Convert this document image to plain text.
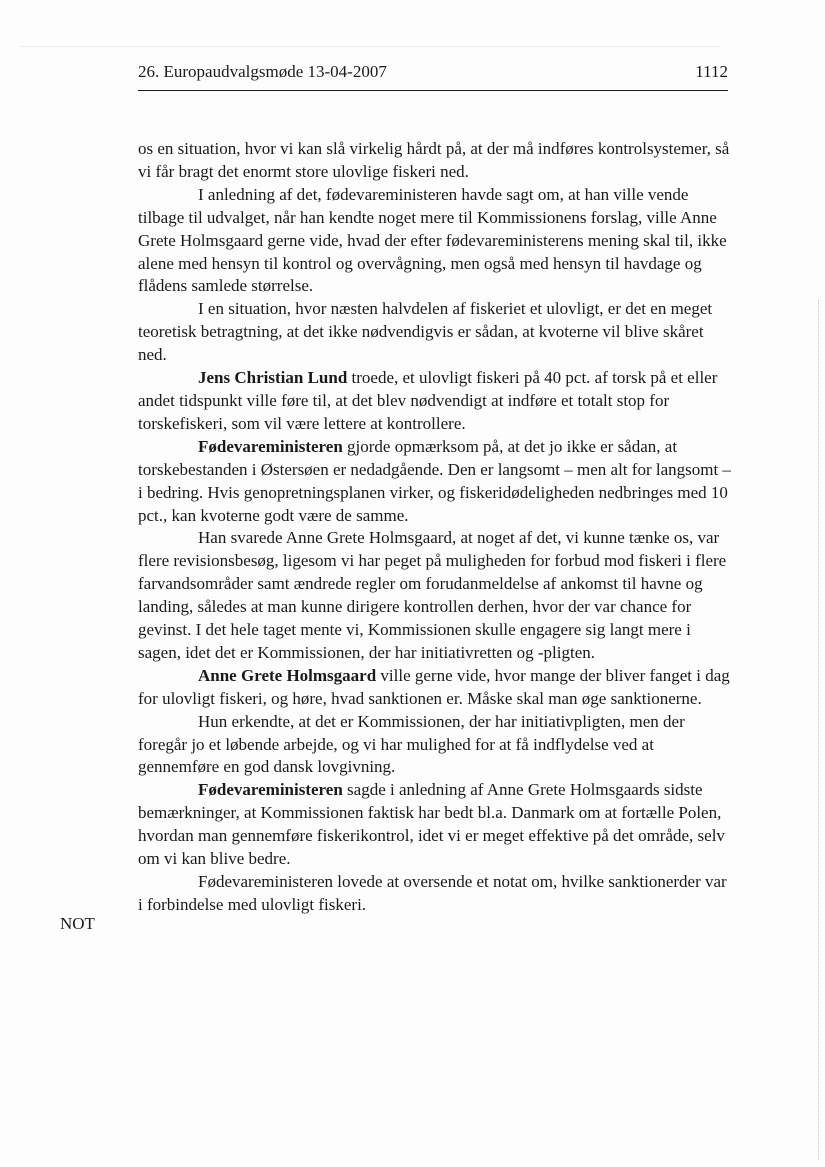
26. Europaudvalgsmøde 13-04-2007	1112

os en situation, hvor vi kan slå virkelig hårdt på, at der må indføres kontrolsystemer, så vi får bragt det enormt store ulovlige fiskeri ned.

I anledning af det, fødevareministeren havde sagt om, at han ville vende tilbage til udvalget, når han kendte noget mere til Kommissionens forslag, ville Anne Grete Holmsgaard gerne vide, hvad der efter fødevareministerens mening skal til, ikke alene med hensyn til kontrol og overvågning, men også med hensyn til havdage og flådens samlede størrelse.

I en situation, hvor næsten halvdelen af fiskeriet et ulovligt, er det en meget teoretisk betragtning, at det ikke nødvendigvis er sådan, at kvoterne vil blive skåret ned.

Jens Christian Lund troede, et ulovligt fiskeri på 40 pct. af torsk på et eller andet tidspunkt ville føre til, at det blev nødvendigt at indføre et totalt stop for torskefiskeri, som vil være lettere at kontrollere.

Fødevareministeren gjorde opmærksom på, at det jo ikke er sådan, at torskebestanden i Østersøen er nedadgående. Den er langsomt – men alt for langsomt – i bedring. Hvis genopretningsplanen virker, og fiskeridødeligheden nedbringes med 10 pct., kan kvoterne godt være de samme.

Han svarede Anne Grete Holmsgaard, at noget af det, vi kunne tænke os, var flere revisionsbesøg, ligesom vi har peget på muligheden for forbud mod fiskeri i flere farvandsområder samt ændrede regler om forudanmeldelse af ankomst til havne og landing, således at man kunne dirigere kontrollen derhen, hvor der var chance for gevinst. I det hele taget mente vi, Kommissionen skulle engagere sig langt mere i sagen, idet det er Kommissionen, der har initiativretten og -pligten.

Anne Grete Holmsgaard ville gerne vide, hvor mange der bliver fanget i dag for ulovligt fiskeri, og høre, hvad sanktionen er. Måske skal man øge sanktionerne.

Hun erkendte, at det er Kommissionen, der har initiativpligten, men der foregår jo et løbende arbejde, og vi har mulighed for at få indflydelse ved at gennemføre en god dansk lovgivning.

Fødevareministeren sagde i anledning af Anne Grete Holmsgaards sidste bemærkninger, at Kommissionen faktisk har bedt bl.a. Danmark om at fortælle Polen, hvordan man gennemføre fiskerikontrol, idet vi er meget effektive på det område, selv om vi kan blive bedre.

Fødevareministeren lovede at oversende et notat om, hvilke sanktionerder var i forbindelse med ulovligt fiskeri.

NOT
